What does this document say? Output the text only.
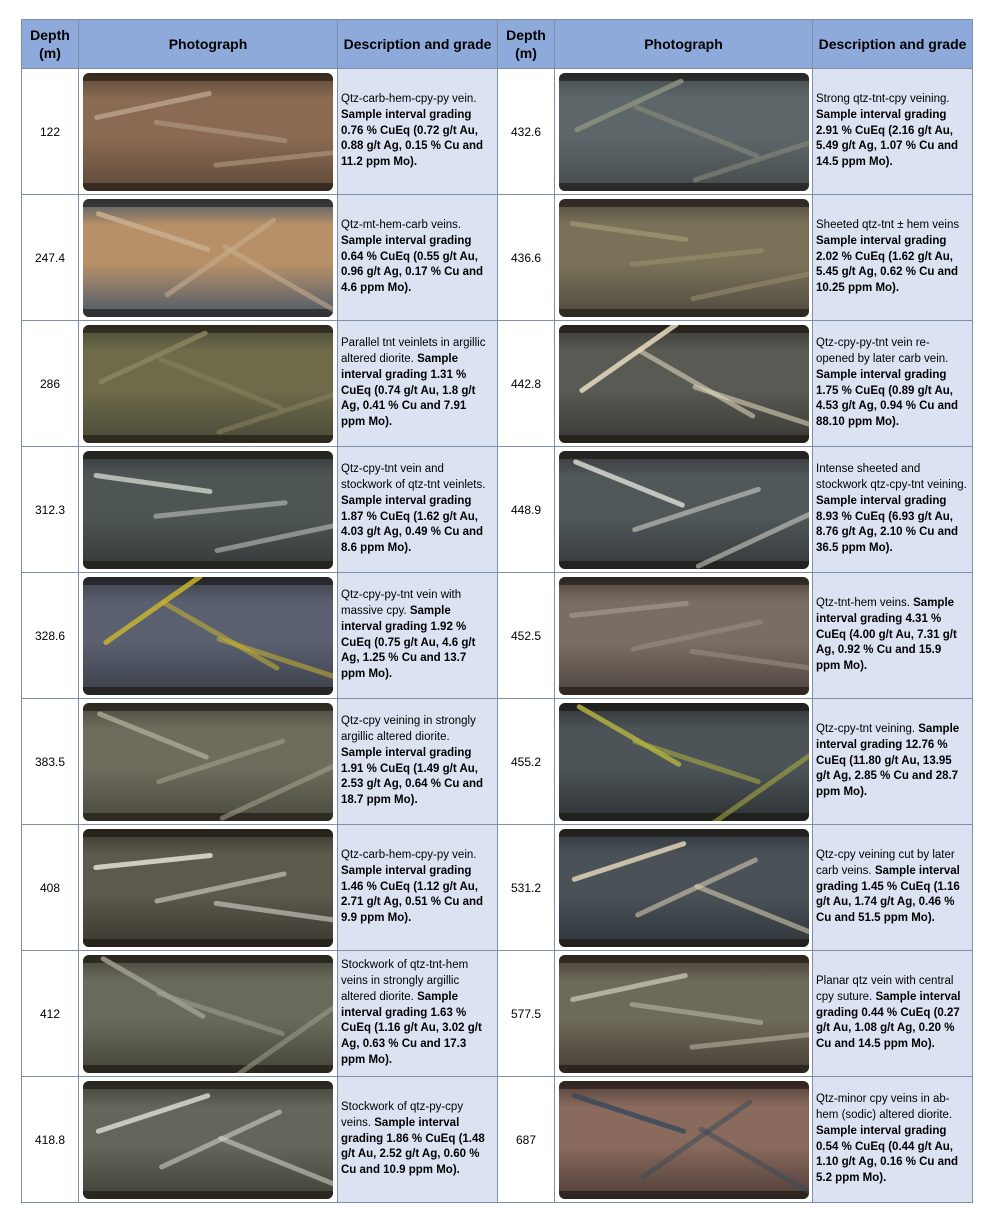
Depth (m)	Photograph	Description and grade	Depth (m)	Photograph	Description and grade
122		Qtz-carb-hem-cpy-py vein. Sample interval grading 0.76 % CuEq (0.72 g/t Au, 0.88 g/t Ag, 0.15 % Cu and 11.2 ppm Mo).	432.6		Strong qtz-tnt-cpy veining. Sample interval grading 2.91 % CuEq (2.16 g/t Au, 5.49 g/t Ag, 1.07 % Cu and 14.5 ppm Mo).
247.4		Qtz-mt-hem-carb veins. Sample interval grading 0.64 % CuEq (0.55 g/t Au, 0.96 g/t Ag, 0.17 % Cu and 4.6 ppm Mo).	436.6		Sheeted qtz-tnt ± hem veins Sample interval grading 2.02 % CuEq (1.62 g/t Au, 5.45 g/t Ag, 0.62 % Cu and 10.25 ppm Mo).
286		Parallel tnt veinlets in argillic altered diorite. Sample interval grading 1.31 % CuEq (0.74 g/t Au, 1.8 g/t Ag, 0.41 % Cu and 7.91 ppm Mo).	442.8		Qtz-cpy-py-tnt vein re-opened by later carb vein. Sample interval grading 1.75 % CuEq (0.89 g/t Au, 4.53 g/t Ag, 0.94 % Cu and 88.10 ppm Mo).
312.3		Qtz-cpy-tnt vein and stockwork of qtz-tnt veinlets. Sample interval grading 1.87 % CuEq (1.62 g/t Au, 4.03 g/t Ag, 0.49 % Cu and 8.6 ppm Mo).	448.9		Intense sheeted and stockwork qtz-cpy-tnt veining. Sample interval grading 8.93 % CuEq (6.93 g/t Au, 8.76 g/t Ag, 2.10 % Cu and 36.5 ppm Mo).
328.6		Qtz-cpy-py-tnt vein with massive cpy. Sample interval grading 1.92 % CuEq (0.75 g/t Au, 4.6 g/t Ag, 1.25 % Cu and 13.7 ppm Mo).	452.5		Qtz-tnt-hem veins. Sample interval grading 4.31 % CuEq (4.00 g/t Au, 7.31 g/t Ag, 0.92 % Cu and 15.9 ppm Mo).
383.5		Qtz-cpy veining in strongly argillic altered diorite. Sample interval grading 1.91 % CuEq (1.49 g/t Au, 2.53 g/t Ag, 0.64 % Cu and 18.7 ppm Mo).	455.2		Qtz-cpy-tnt veining. Sample interval grading 12.76 % CuEq (11.80 g/t Au, 13.95 g/t Ag, 2.85 % Cu and 28.7 ppm Mo).
408		Qtz-carb-hem-cpy-py vein. Sample interval grading 1.46 % CuEq (1.12 g/t Au, 2.71 g/t Ag, 0.51 % Cu and 9.9 ppm Mo).	531.2		Qtz-cpy veining cut by later carb veins. Sample interval grading 1.45 % CuEq (1.16 g/t Au, 1.74 g/t Ag, 0.46 % Cu and 51.5 ppm Mo).
412		Stockwork of qtz-tnt-hem veins in strongly argillic altered diorite. Sample interval grading 1.63 % CuEq (1.16 g/t Au, 3.02 g/t Ag, 0.63 % Cu and 17.3 ppm Mo).	577.5		Planar qtz vein with central cpy suture. Sample interval grading 0.44 % CuEq (0.27 g/t Au, 1.08 g/t Ag, 0.20 % Cu and 14.5 ppm Mo).
418.8		Stockwork of qtz-py-cpy veins. Sample interval grading 1.86 % CuEq (1.48 g/t Au, 2.52 g/t Ag, 0.60 % Cu and 10.9 ppm Mo).	687		Qtz-minor cpy veins in ab-hem (sodic) altered diorite. Sample interval grading 0.54 % CuEq (0.44 g/t Au, 1.10 g/t Ag, 0.16 % Cu and 5.2 ppm Mo).
